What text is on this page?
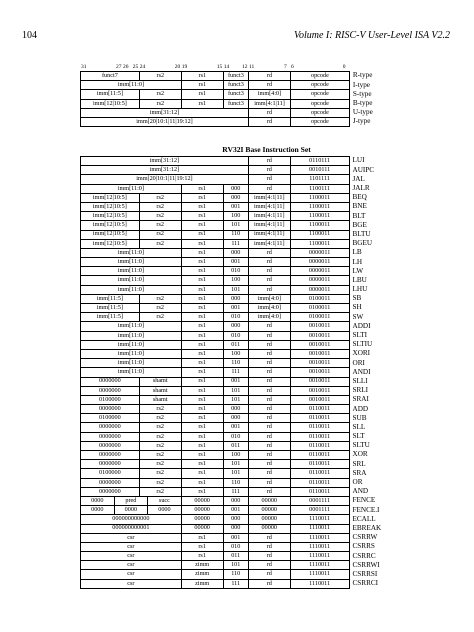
104	Volume I: RISC-V User-Level ISA V2.2
31	27 26 25 24	20 19	15 14 12 11	7 6	0
funct7	rs2	rs1	funct3	rd	opcode	R-type
imm[11:0]		rs1	funct3	rd	opcode	I-type
imm[11:5]	rs2	rs1	funct3	imm[4:0]	opcode	S-type
imm[12|10:5]	rs2	rs1	funct3	imm[4:1|11]	opcode	B-type
imm[31:12]				rd	opcode	U-type
imm[20|10:1|11|19:12]				rd	opcode	J-type
RV32I Base Instruction Set								
imm[31:12]						rd	0110111	LUI
imm[31:12]						rd	0010111	AUIPC
imm[20|10:1|11|19:12]						rd	1101111	JAL
imm[11:0]				rs1	000	rd	1100111	JALR
imm[12|10:5]		rs2		rs1	000	imm[4:1|11]	1100011	BEQ
imm[12|10:5]		rs2		rs1	001	imm[4:1|11]	1100011	BNE
imm[12|10:5]		rs2		rs1	100	imm[4:1|11]	1100011	BLT
imm[12|10:5]		rs2		rs1	101	imm[4:1|11]	1100011	BGE
imm[12|10:5]		rs2		rs1	110	imm[4:1|11]	1100011	BLTU
imm[12|10:5]		rs2		rs1	111	imm[4:1|11]	1100011	BGEU
imm[11:0]				rs1	000	rd	0000011	LB
imm[11:0]				rs1	001	rd	0000011	LH
imm[11:0]				rs1	010	rd	0000011	LW
imm[11:0]				rs1	100	rd	0000011	LBU
imm[11:0]				rs1	101	rd	0000011	LHU
imm[11:5]		rs2		rs1	000	imm[4:0]	0100011	SB
imm[11:5]		rs2		rs1	001	imm[4:0]	0100011	SH
imm[11:5]		rs2		rs1	010	imm[4:0]	0100011	SW
imm[11:0]				rs1	000	rd	0010011	ADDI
imm[11:0]				rs1	010	rd	0010011	SLTI
imm[11:0]				rs1	011	rd	0010011	SLTIU
imm[11:0]				rs1	100	rd	0010011	XORI
imm[11:0]				rs1	110	rd	0010011	ORI
imm[11:0]				rs1	111	rd	0010011	ANDI
0000000		shamt		rs1	001	rd	0010011	SLLI
0000000		shamt		rs1	101	rd	0010011	SRLI
0100000		shamt		rs1	101	rd	0010011	SRAI
0000000		rs2		rs1	000	rd	0110011	ADD
0100000		rs2		rs1	000	rd	0110011	SUB
0000000		rs2		rs1	001	rd	0110011	SLL
0000000		rs2		rs1	010	rd	0110011	SLT
0000000		rs2		rs1	011	rd	0110011	SLTU
0000000		rs2		rs1	100	rd	0110011	XOR
0000000		rs2		rs1	101	rd	0110011	SRL
0100000		rs2		rs1	101	rd	0110011	SRA
0000000		rs2		rs1	110	rd	0110011	OR
0000000		rs2		rs1	111	rd	0110011	AND
0000	pred		succ	00000	000	00000	0001111	FENCE
0000	0000		0000	00000	001	00000	0001111	FENCE.I
000000000000				00000	000	00000	1110011	ECALL
000000000001				00000	000	00000	1110011	EBREAK
csr				rs1	001	rd	1110011	CSRRW
csr				rs1	010	rd	1110011	CSRRS
csr				rs1	011	rd	1110011	CSRRC
csr				zimm	101	rd	1110011	CSRRWI
csr				zimm	110	rd	1110011	CSRRSI
csr				zimm	111	rd	1110011	CSRRCI
